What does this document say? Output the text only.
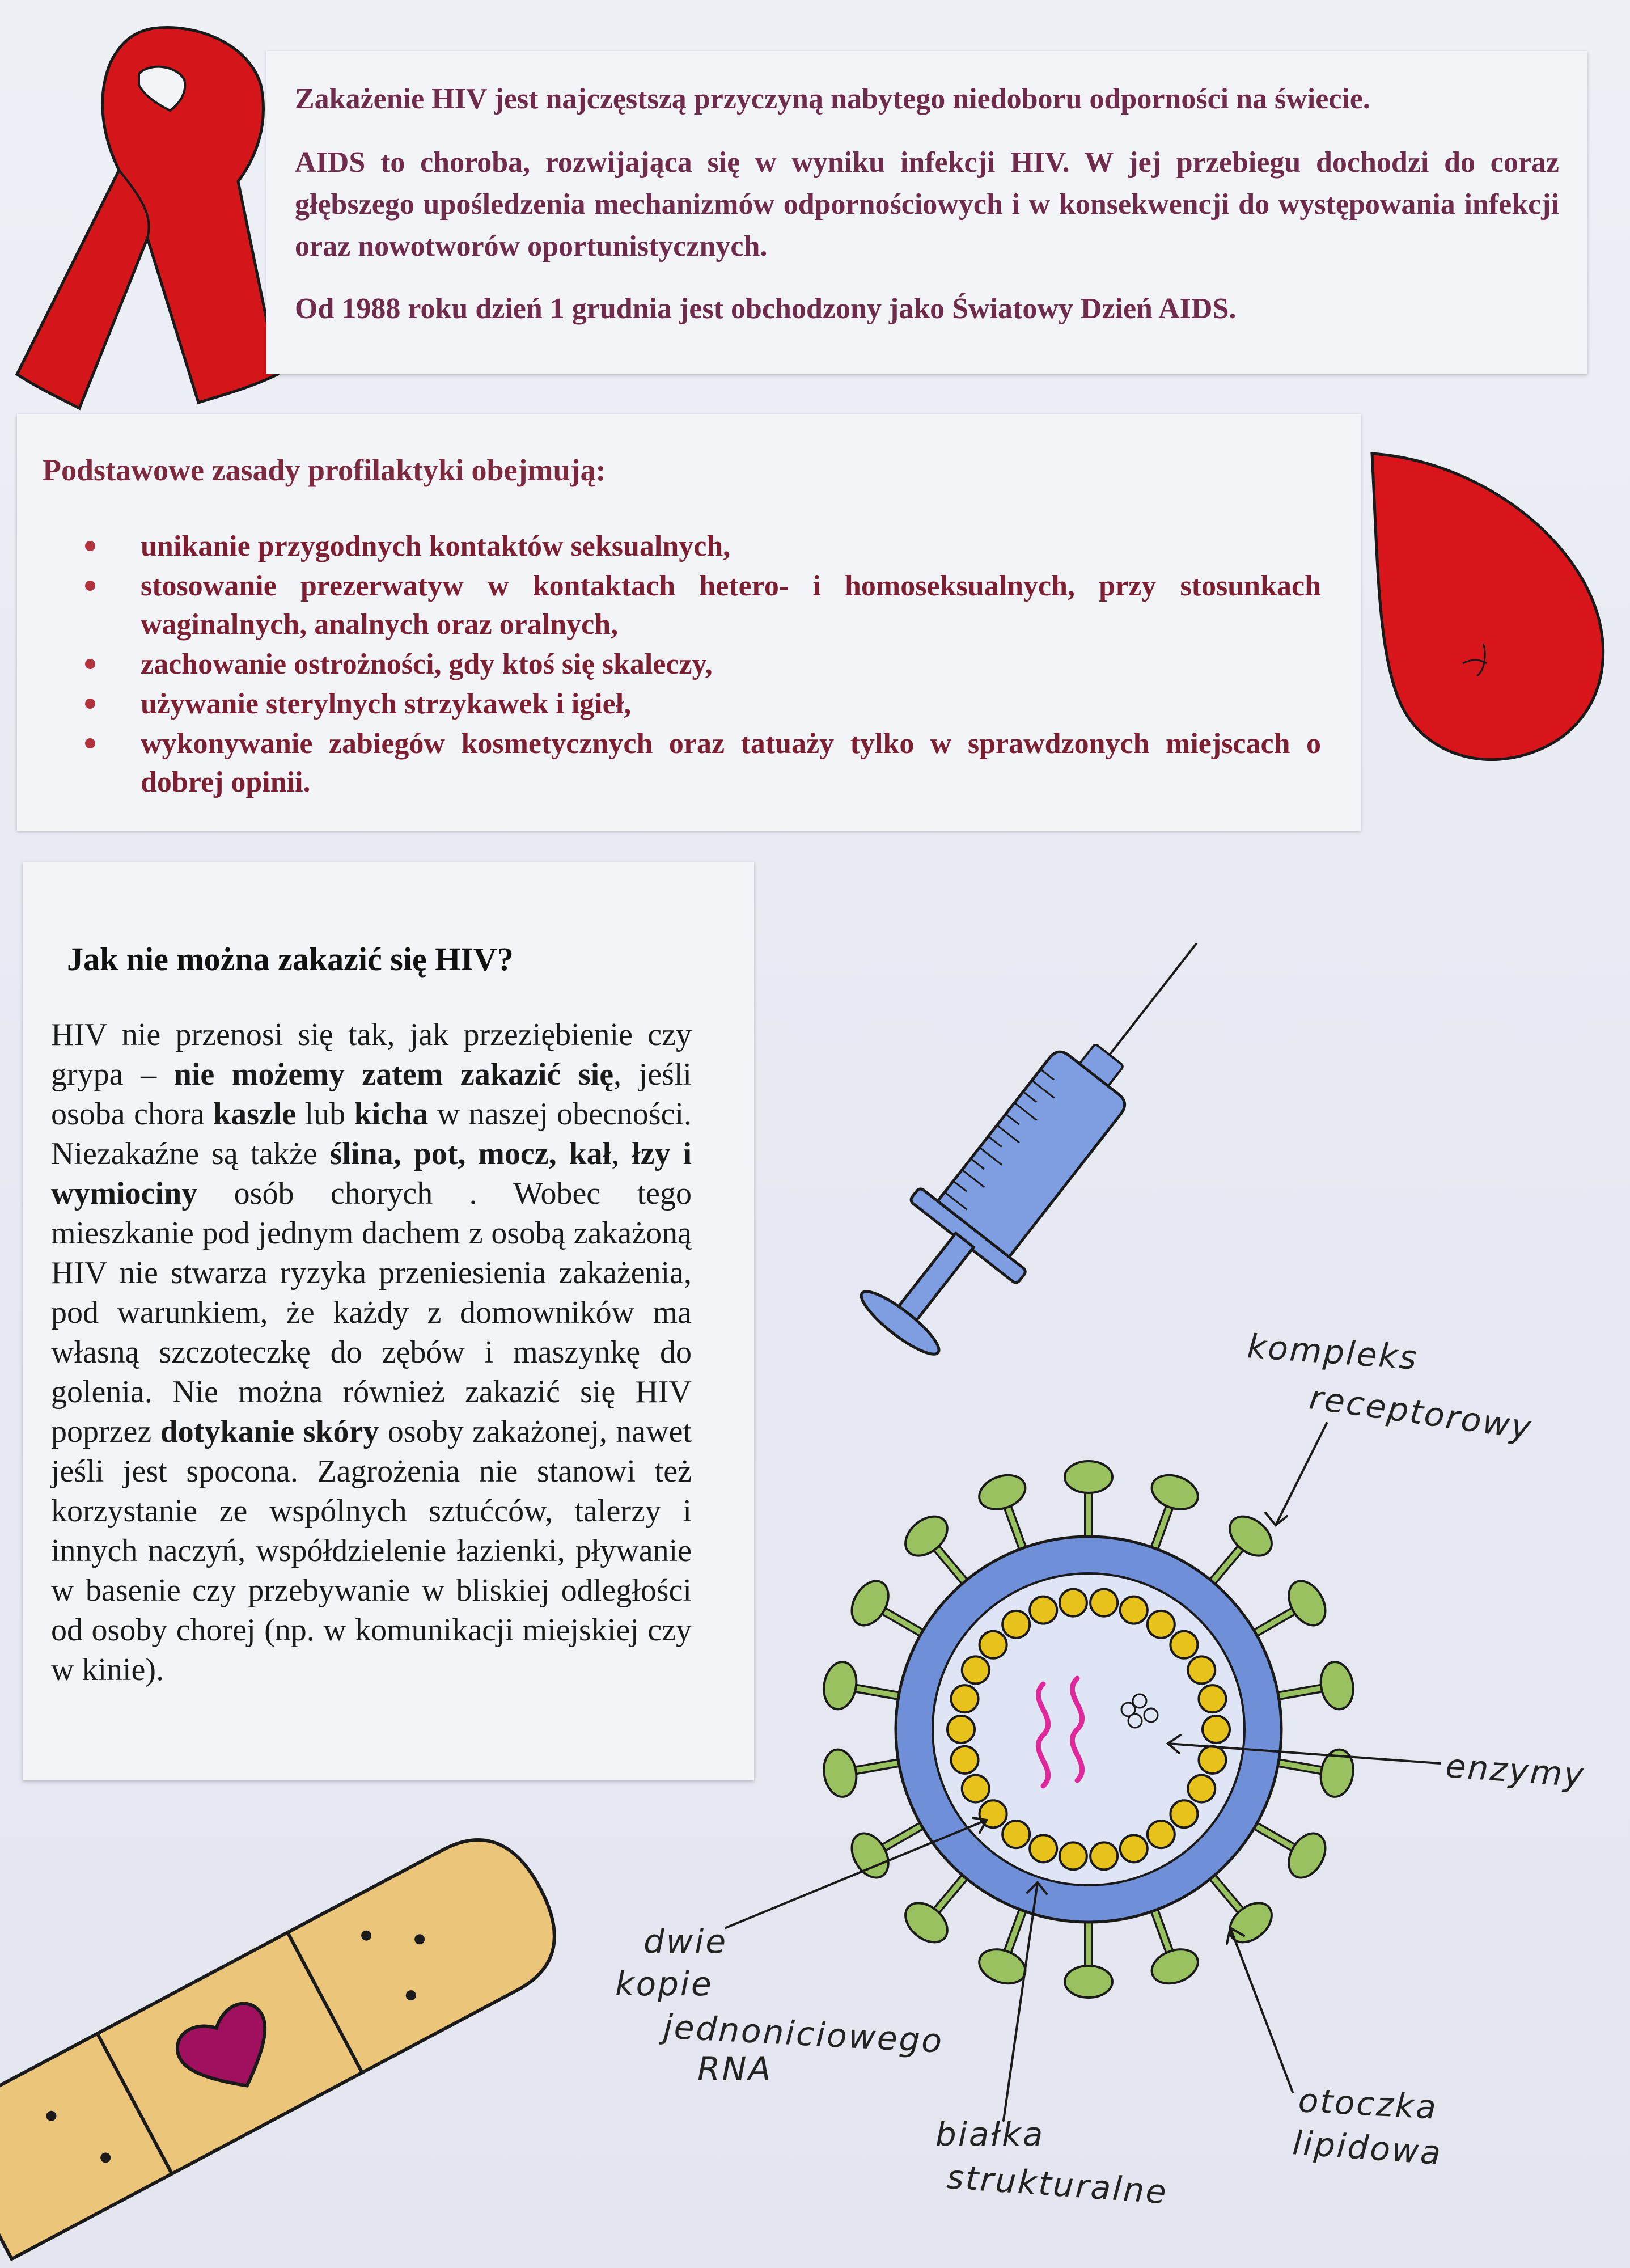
Zakażenie HIV jest najczęstszą przyczyną nabytego niedoboru odporności na świecie.

AIDS to choroba, rozwijająca się w wyniku infekcji HIV. W jej przebiegu dochodzi do coraz głębszego upośledzenia mechanizmów odpornościowych i w konsekwencji do występowania infekcji oraz nowotworów oportunistycznych.

Od 1988 roku dzień 1 grudnia jest obchodzony jako Światowy Dzień AIDS.

Podstawowe zasady profilaktyki obejmują:
unikanie przygodnych kontaktów seksualnych,
stosowanie prezerwatyw w kontaktach hetero- i homoseksualnych, przy stosunkach waginalnych, analnych oraz oralnych,
zachowanie ostrożności, gdy ktoś się skaleczy,
używanie sterylnych strzykawek i igieł,
wykonywanie zabiegów kosmetycznych oraz tatuaży tylko w sprawdzonych miejscach o dobrej opinii.
Jak nie można zakazić się HIV?

HIV nie przenosi się tak, jak przeziębienie czy grypa – nie możemy zatem zakazić się, jeśli osoba chora kaszle lub kicha w naszej obecności. Niezakaźne są także ślina, pot, mocz, kał, łzy i wymiociny osób chorych . Wobec tego mieszkanie pod jednym dachem z osobą zakażoną HIV nie stwarza ryzyka przeniesienia zakażenia, pod warunkiem, że każdy z domowników ma własną szczoteczkę do zębów i maszynkę do golenia. Nie można również zakazić się HIV poprzez dotykanie skóry osoby zakażonej, nawet jeśli jest spocona. Zagrożenia nie stanowi też korzystanie ze wspólnych sztućców, talerzy i innych naczyń, współdzielenie łazienki, pływanie w basenie czy przebywanie w bliskiej odległości od osoby chorej (np. w komunikacji miejskiej czy w kinie).

kompleks
receptorowy
enzymy
dwie
kopie
jednoniciowego
RNA
białka
strukturalne
otoczka
lipidowa
